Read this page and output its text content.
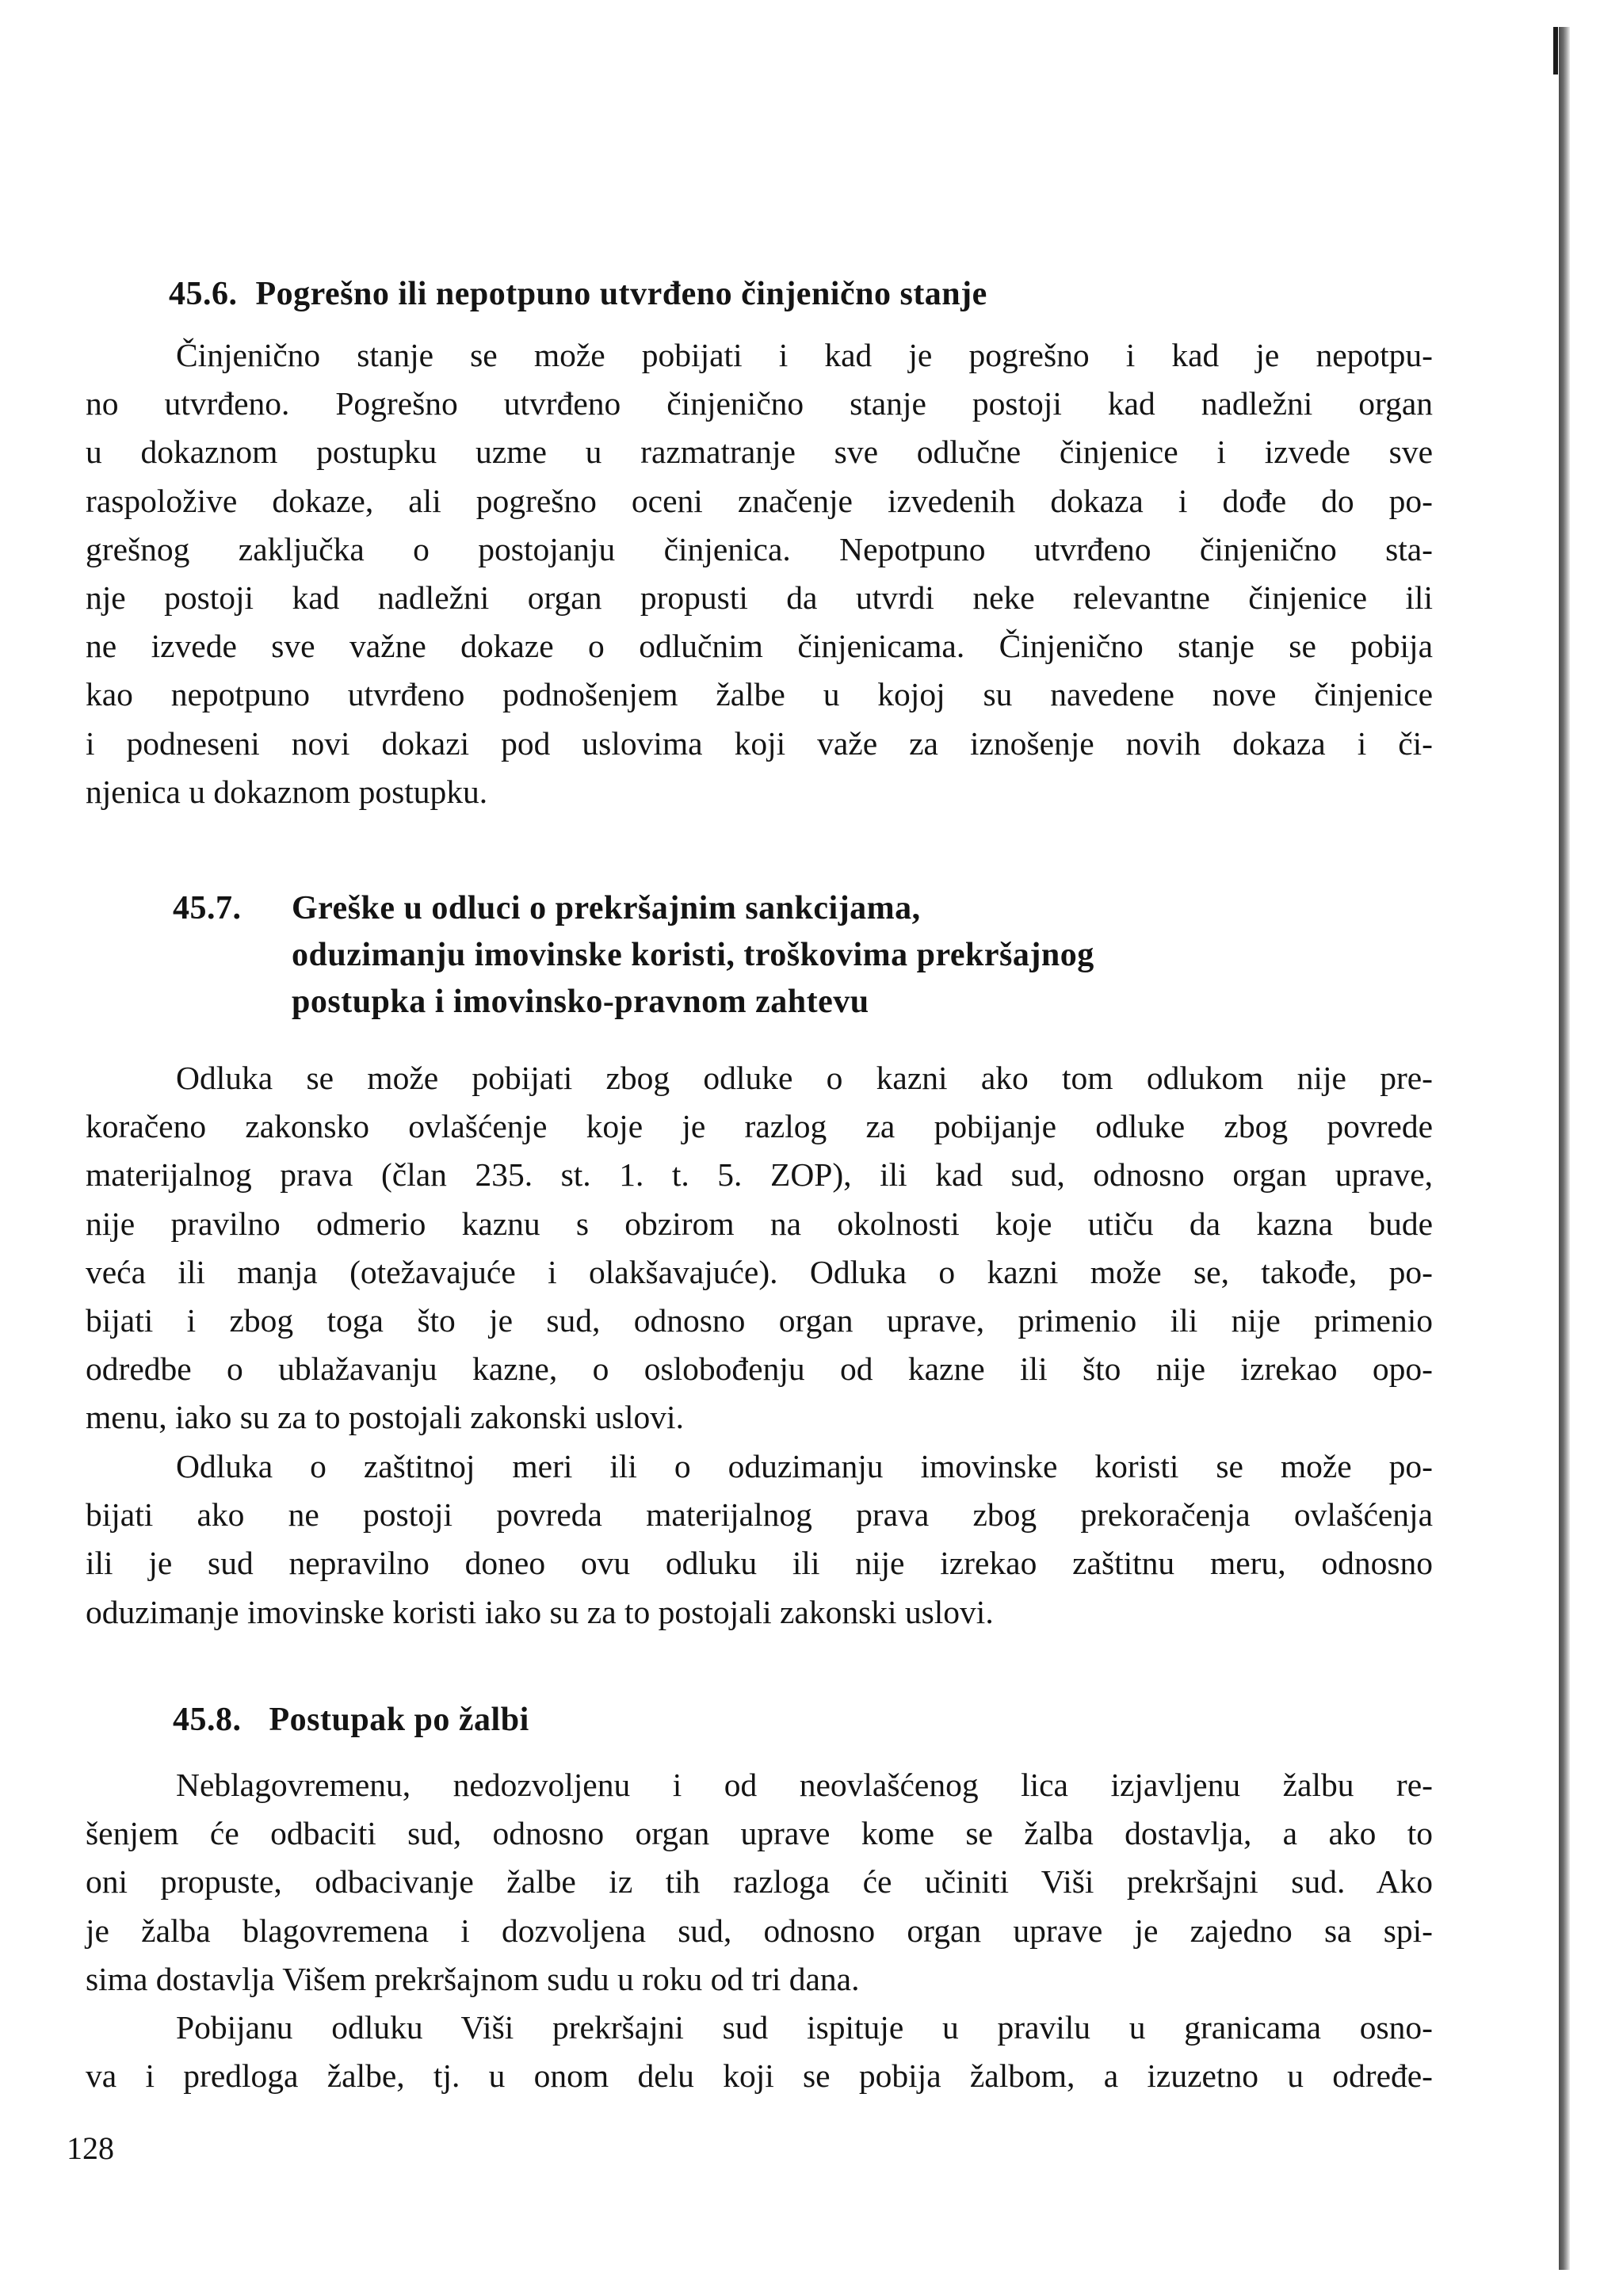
45.6. Pogrešno ili nepotpuno utvrđeno činjenično stanje
Činjenično stanje se može pobijati i kad je pogrešno i kad je nepotpu-
no utvrđeno. Pogrešno utvrđeno činjenično stanje postoji kad nadležni organ
u dokaznom postupku uzme u razmatranje sve odlučne činjenice i izvede sve
raspoložive dokaze, ali pogrešno oceni značenje izvedenih dokaza i dođe do po-
grešnog zaključka o postojanju činjenica. Nepotpuno utvrđeno činjenično sta-
nje postoji kad nadležni organ propusti da utvrdi neke relevantne činjenice ili
ne izvede sve važne dokaze o odlučnim činjenicama. Činjenično stanje se pobija
kao nepotpuno utvrđeno podnošenjem žalbe u kojoj su navedene nove činjenice
i podneseni novi dokazi pod uslovima koji važe za iznošenje novih dokaza i či-
njenica u dokaznom postupku.
45.7. Greške u odluci o prekršajnim sankcijama,
oduzimanju imovinske koristi, troškovima prekršajnog
postupka i imovinsko-pravnom zahtevu
Odluka se može pobijati zbog odluke o kazni ako tom odlukom nije pre-
koračeno zakonsko ovlašćenje koje je razlog za pobijanje odluke zbog povrede
materijalnog prava (član 235. st. 1. t. 5. ZOP), ili kad sud, odnosno organ uprave,
nije pravilno odmerio kaznu s obzirom na okolnosti koje utiču da kazna bude
veća ili manja (otežavajuće i olakšavajuće). Odluka o kazni može se, takođe, po-
bijati i zbog toga što je sud, odnosno organ uprave, primenio ili nije primenio
odredbe o ublažavanju kazne, o oslobođenju od kazne ili što nije izrekao opo-
menu, iako su za to postojali zakonski uslovi.
Odluka o zaštitnoj meri ili o oduzimanju imovinske koristi se može po-
bijati ako ne postoji povreda materijalnog prava zbog prekoračenja ovlašćenja
ili je sud nepravilno doneo ovu odluku ili nije izrekao zaštitnu meru, odnosno
oduzimanje imovinske koristi iako su za to postojali zakonski uslovi.
45.8. Postupak po žalbi
Neblagovremenu, nedozvoljenu i od neovlašćenog lica izjavljenu žalbu re-
šenjem će odbaciti sud, odnosno organ uprave kome se žalba dostavlja, a ako to
oni propuste, odbacivanje žalbe iz tih razloga će učiniti Viši prekršajni sud. Ako
je žalba blagovremena i dozvoljena sud, odnosno organ uprave je zajedno sa spi-
sima dostavlja Višem prekršajnom sudu u roku od tri dana.
Pobijanu odluku Viši prekršajni sud ispituje u pravilu u granicama osno-
va i predloga žalbe, tj. u onom delu koji se pobija žalbom, a izuzetno u određe-
128
